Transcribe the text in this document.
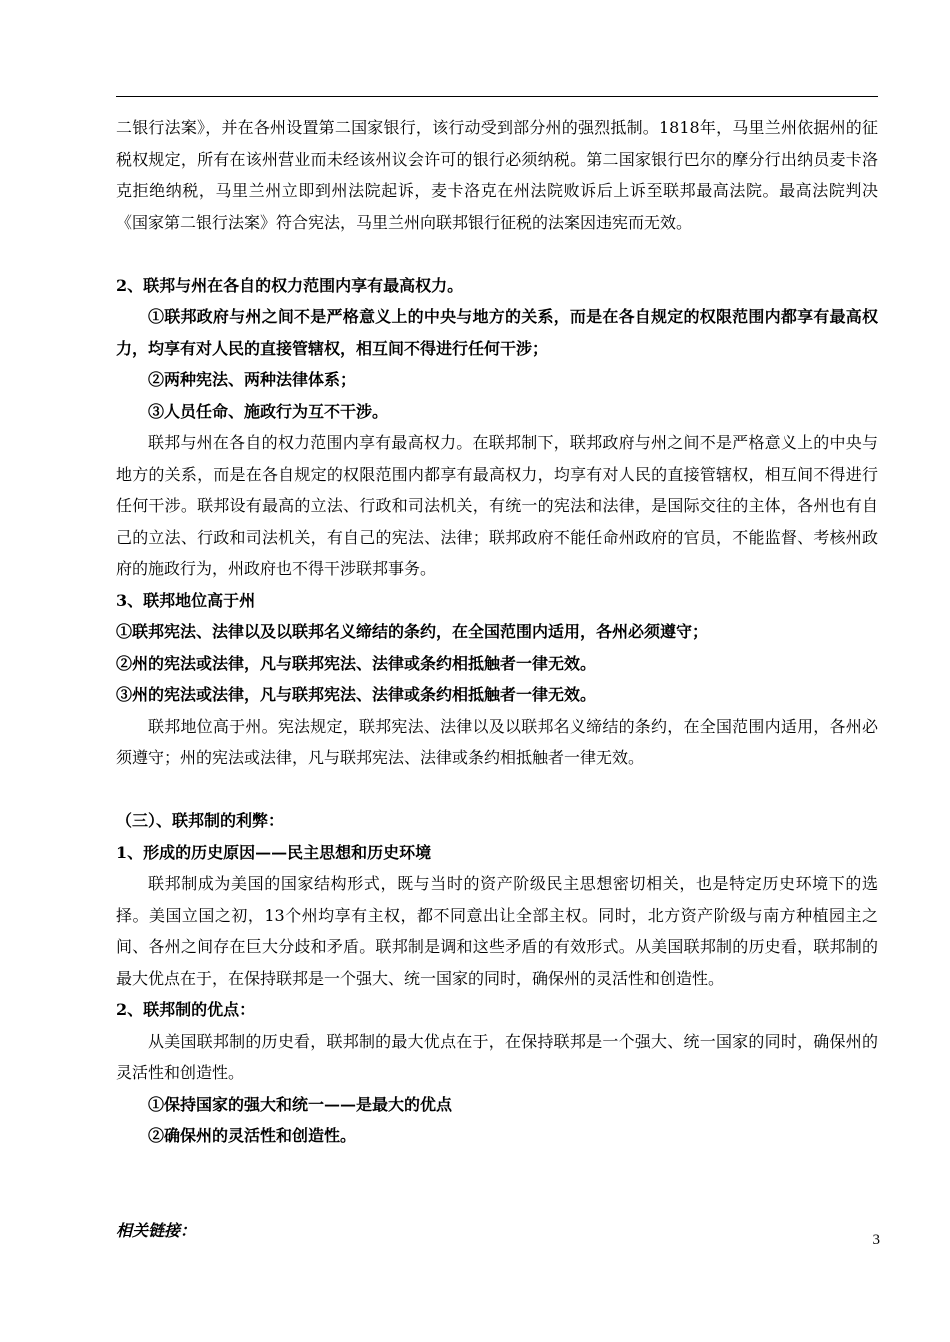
二银行法案》，并在各州设置第二国家银行，该行动受到部分州的强烈抵制。1818年，马里兰州依据州的征税权规定，所有在该州营业而未经该州议会许可的银行必须纳税。第二国家银行巴尔的摩分行出纳员麦卡洛克拒绝纳税，马里兰州立即到州法院起诉，麦卡洛克在州法院败诉后上诉至联邦最高法院。最高法院判决《国家第二银行法案》符合宪法，马里兰州向联邦银行征税的法案因违宪而无效。

2、联邦与州在各自的权力范围内享有最高权力。

①联邦政府与州之间不是严格意义上的中央与地方的关系，而是在各自规定的权限范围内都享有最高权力，均享有对人民的直接管辖权，相互间不得进行任何干涉；

②两种宪法、两种法律体系；

③人员任命、施政行为互不干涉。

联邦与州在各自的权力范围内享有最高权力。在联邦制下，联邦政府与州之间不是严格意义上的中央与地方的关系，而是在各自规定的权限范围内都享有最高权力，均享有对人民的直接管辖权，相互间不得进行任何干涉。联邦设有最高的立法、行政和司法机关，有统一的宪法和法律，是国际交往的主体，各州也有自己的立法、行政和司法机关，有自己的宪法、法律；联邦政府不能任命州政府的官员，不能监督、考核州政府的施政行为，州政府也不得干涉联邦事务。

3、联邦地位高于州

①联邦宪法、法律以及以联邦名义缔结的条约，在全国范围内适用，各州必须遵守；

②州的宪法或法律，凡与联邦宪法、法律或条约相抵触者一律无效。

③州的宪法或法律，凡与联邦宪法、法律或条约相抵触者一律无效。

联邦地位高于州。宪法规定，联邦宪法、法律以及以联邦名义缔结的条约，在全国范围内适用，各州必须遵守；州的宪法或法律，凡与联邦宪法、法律或条约相抵触者一律无效。

（三）、联邦制的利弊：

1、形成的历史原因——民主思想和历史环境

联邦制成为美国的国家结构形式，既与当时的资产阶级民主思想密切相关，也是特定历史环境下的选择。美国立国之初，13个州均享有主权，都不同意出让全部主权。同时，北方资产阶级与南方种植园主之间、各州之间存在巨大分歧和矛盾。联邦制是调和这些矛盾的有效形式。从美国联邦制的历史看，联邦制的最大优点在于，在保持联邦是一个强大、统一国家的同时，确保州的灵活性和创造性。

2、联邦制的优点：

从美国联邦制的历史看，联邦制的最大优点在于，在保持联邦是一个强大、统一国家的同时，确保州的灵活性和创造性。

①保持国家的强大和统一——是最大的优点

②确保州的灵活性和创造性。

相关链接：

3
